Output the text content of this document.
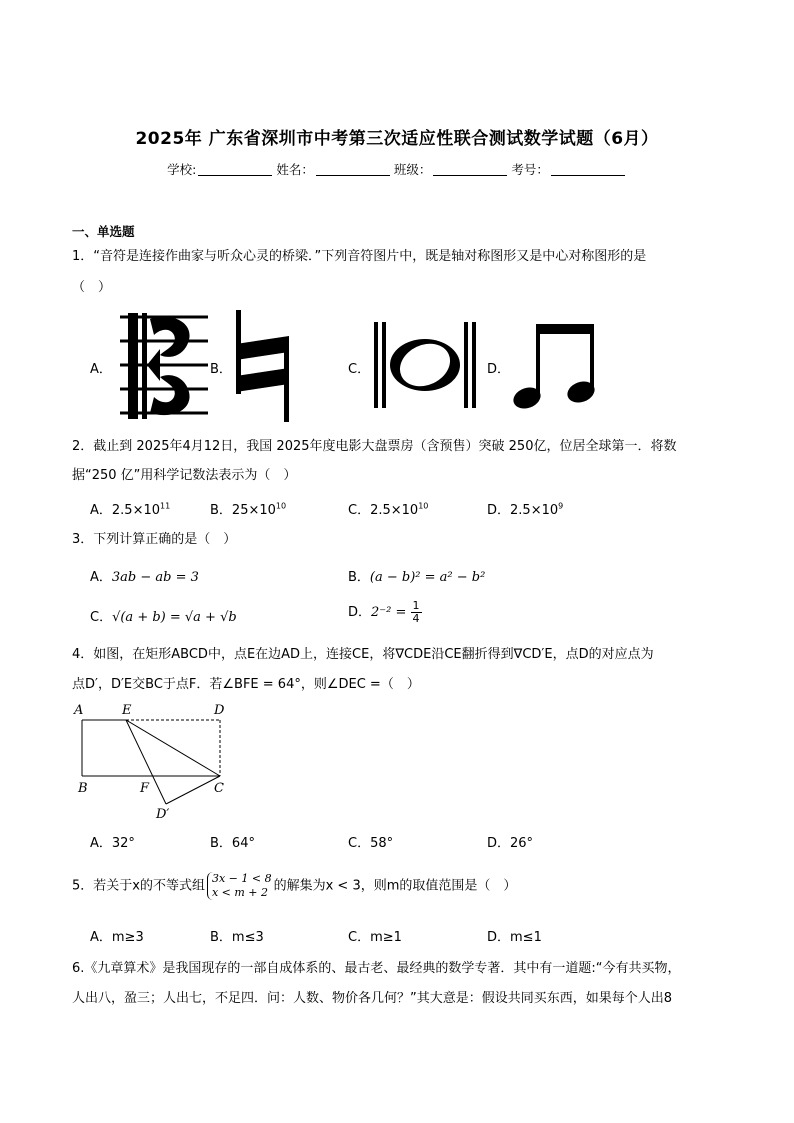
2025年 广东省深圳市中考第三次适应性联合测试数学试题（6月）
学校:	姓名：	班级：	考号：
一、单选题
1．“音符是连接作曲家与听众心灵的桥梁．”下列音符图片中，既是轴对称图形又是中心对称图形的是
（　）
A．	B．	C．	D．
2．截止到 2025年4月12日，我国 2025年度电影大盘票房（含预售）突破 250亿，位居全球第一．将数
据“250 亿”用科学记数法表示为（　）
A．$2.5\times 10^{11}$	B．$25\times 10^{10}$	C．$2.5\times 10^{10}$	D．$2.5\times 10^9$
3．下列计算正确的是（　）
A．3ab − ab = 3	B．(a − b)² = a² − b²
C．√(a + b) = √a + √b	D．$2^{-2} = \frac{1}{4}$
4．如图，在矩形ABCD中，点E在边AD上，连接CE，将∇CDE沿CE翻折得到∇CD′E，点D的对应点为
点D′，D′E交BC于点F．若∠BFE = 64°，则∠DEC =（　）
A	E	D
B	F	C
D′
A．32°	B．64°	C．58°	D．26°
5．若关于x的不等式组 3x − 1 < 8
x < m + 2 的解集为x < 3，则m的取值范围是（　）
A．m≥3	B．m≤3	C．m≥1	D．m≤1
6.《九章算术》是我国现存的一部自成体系的、最古老、最经典的数学专著．其中有一道题:“今有共买物，
人出八，盈三；人出七，不足四．问：人数、物价各几何？”其大意是：假设共同买东西，如果每个人出8
